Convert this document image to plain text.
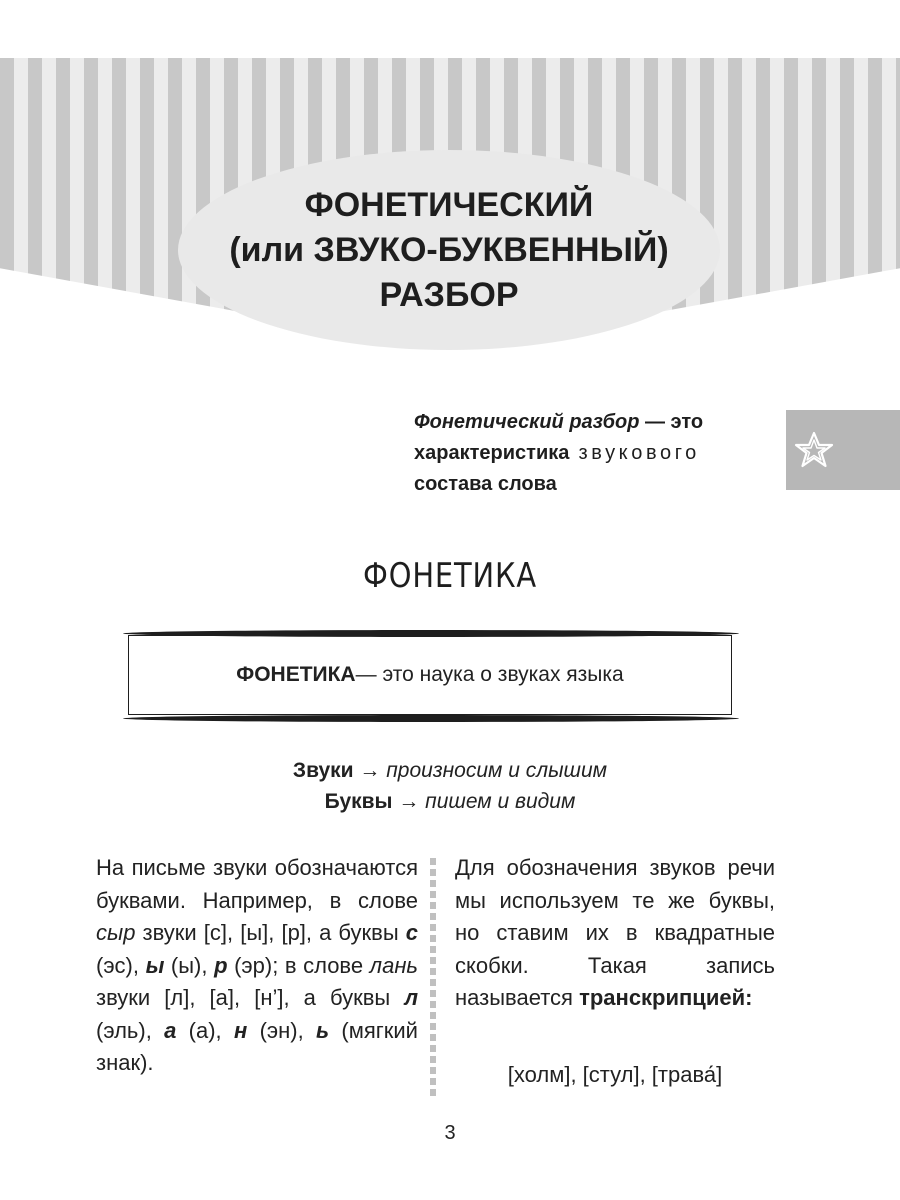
ФОНЕТИЧЕСКИЙ
(или ЗВУКО-БУКВЕННЫЙ)
РАЗБОР
Фонетический разбор — это
характеристика звукового
состава слова
ФОНЕТИКА
ФОНЕТИКА — это наука о звуках языка
Звуки → произносим и слышим
Буквы → пишем и видим
На письме звуки обозначаются буквами. Например, в слове сыр звуки [с], [ы], [р], а буквы с (эс), ы (ы), р (эр); в слове лань звуки [л], [а], [н’], а буквы л (эль), а (а), н (эн), ь (мягкий знак).
Для обозначения звуков речи мы используем те же буквы, но ставим их в квадратные скобки. Такая запись называется транскрипцией:
[холм], [стул], [трава́]
3
